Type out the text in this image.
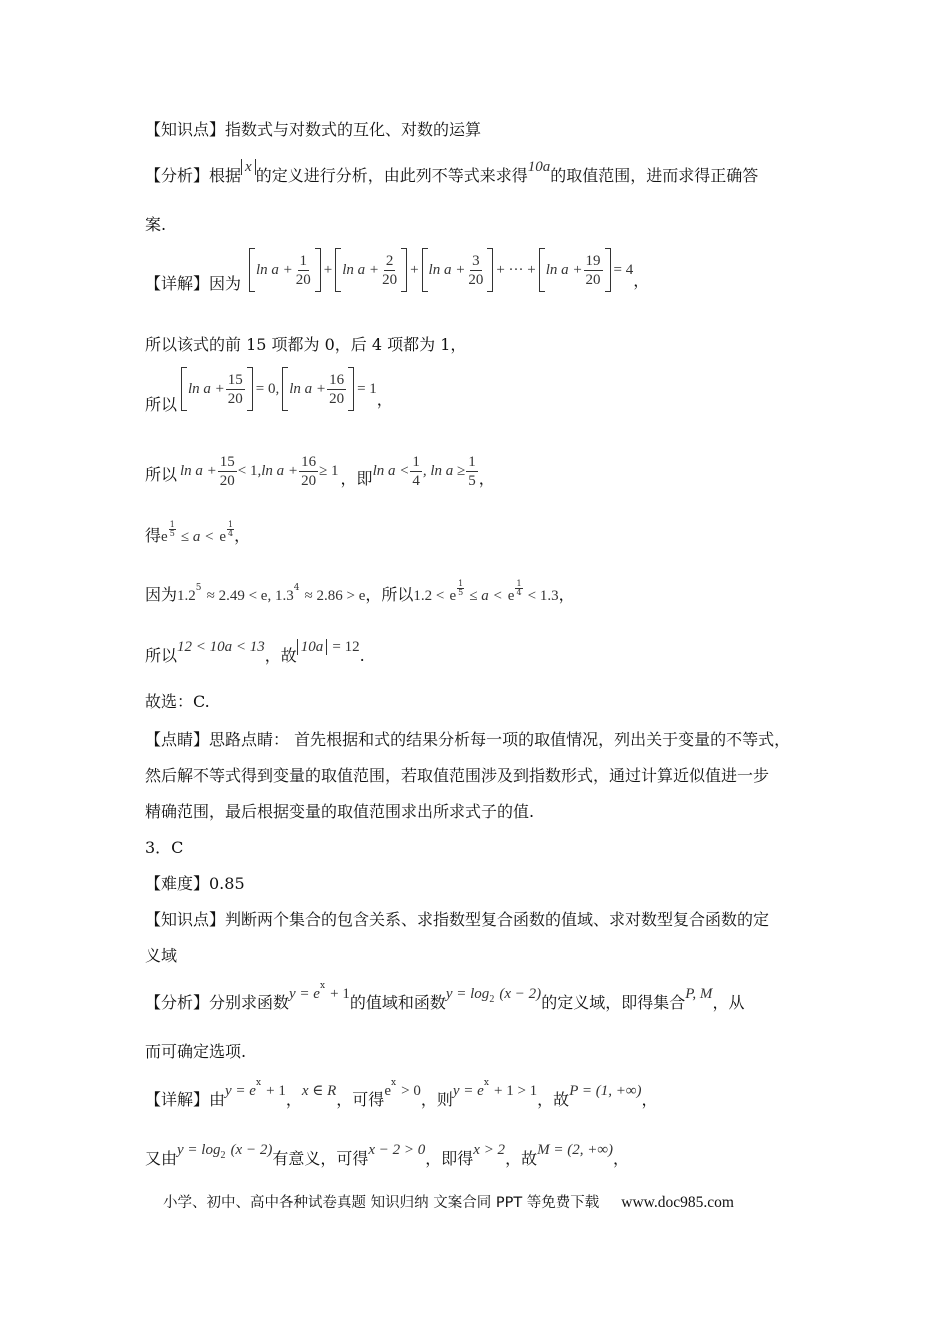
【知识点】指数式与对数式的互化、对数的运算
【分析】根据 x 的定义进行分析，由此列不等式来求得10a的取值范围，进而求得正确答
案.
【详解】因为
$\ln a + \frac{1}{20} + \ln a + \frac{2}{20} + \ln a + \frac{3}{20}$ + ··· + $\ln a + \frac{19}{20} = 4$
，
所以该式的前 15 项都为 0，后 4 项都为 1，
所以
$\ln a + \frac{15}{20} = 0$, $\ln a + \frac{16}{20} = 1$
，
所以 $\ln a + \frac{15}{20} < 1$, $\ln a + \frac{16}{20} \ge 1$ ，即 $\ln a < \frac{1}{4}$ , $\ln a \ge \frac{1}{5}$ ，
得e $\frac{1}{5} \le a < e \frac{1}{4}$ ，
因为$1.2^5 \approx 2.49 < e$, $1.3^4 \approx 2.86 > e$，所以1.2 < e $\frac{1}{5} \le a < e \frac{1}{4} < 1.3$，
所以12 < 10a < 13，故 10a = 12.
故选：C.
【点睛】思路点睛： 首先根据和式的结果分析每一项的取值情况，列出关于变量的不等式，
然后解不等式得到变量的取值范围，若取值范围涉及到指数形式，通过计算近似值进一步
精确范围，最后根据变量的取值范围求出所求式子的值.
3．C
【难度】0.85
【知识点】判断两个集合的包含关系、求指数型复合函数的值域、求对数型复合函数的定
义域
【分析】分别求函数$y = e^x + 1$的值域和函数$y = \log_2 (x - 2)$的定义域，即得集合P, M，从
而可确定选项.
【详解】由$y = e^x + 1$，x ∈ R，可得$e^x > 0$，则$y = e^x + 1 > 1$，故P = (1, +∞)，
又由$y = \log_2 (x - 2)$有意义，可得x − 2 > 0，即得x > 2，故M = (2, +∞)，
小学、初中、高中各种试卷真题 知识归纳 文案合同 PPT 等免费下载 www.doc985.com
